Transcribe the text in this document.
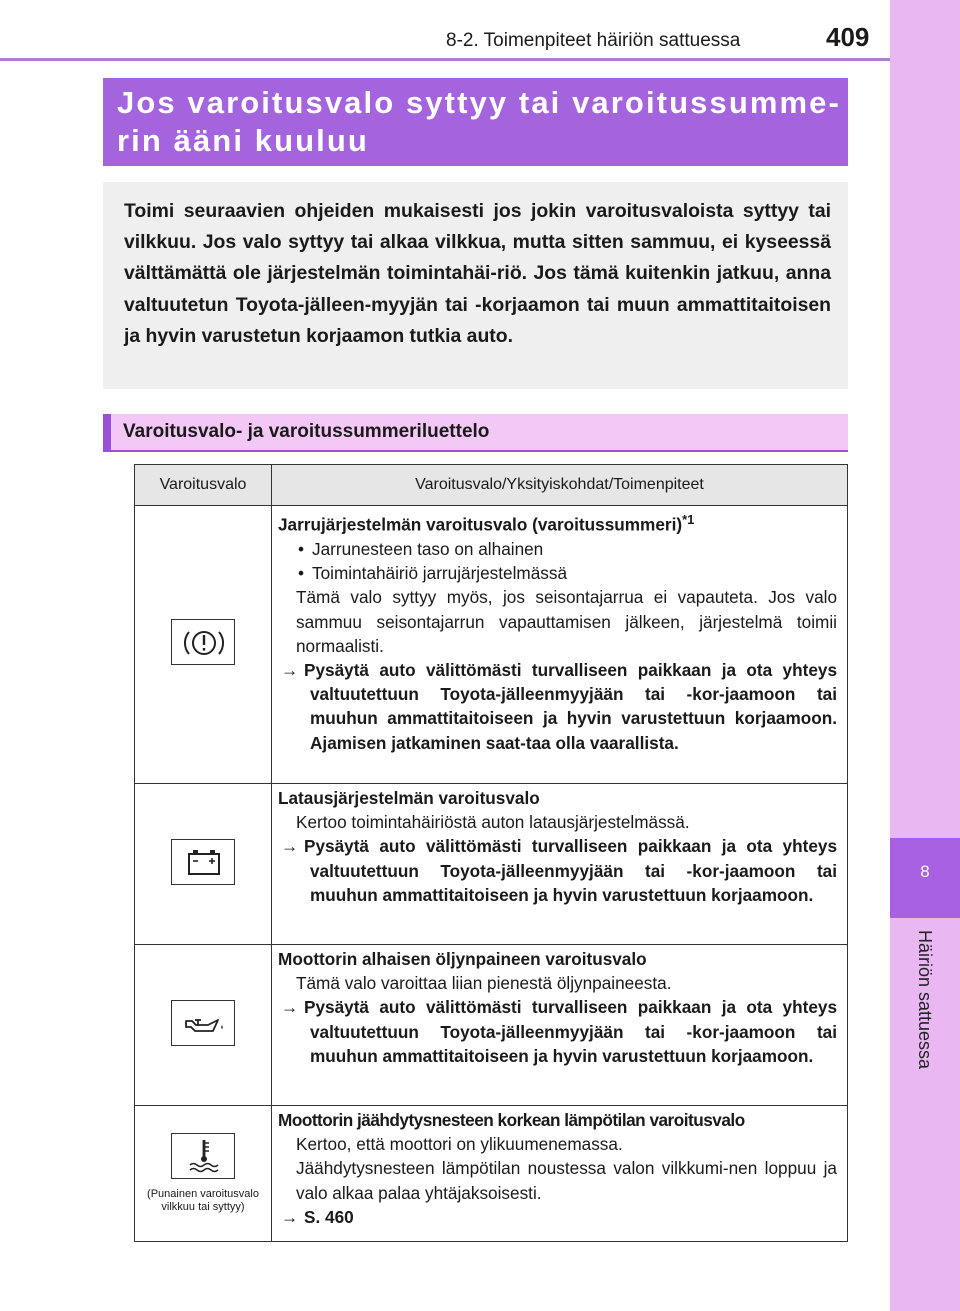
8-2. Toimenpiteet häiriön sattuessa	409
8
Häiriön sattuessa
Jos varoitusvalo syttyy tai varoitussumme-rin ääni kuuluu
Toimi seuraavien ohjeiden mukaisesti jos jokin varoitusvaloista syttyy tai vilkkuu. Jos valo syttyy tai alkaa vilkkua, mutta sitten sammuu, ei kyseessä välttämättä ole järjestelmän toimintahäi-riö. Jos tämä kuitenkin jatkuu, anna valtuutetun Toyota-jälleen-myyjän tai -korjaamon tai muun ammattitaitoisen ja hyvin varustetun korjaamon tutkia auto.
Varoitusvalo- ja varoitussummeriluettelo
Varoitusvalo	Varoitusvalo/Yksityiskohdat/Toimenpiteet

Jarrujärjestelmän varoitusvalo (varoitussummeri)$^{*1}$
• Jarrunesteen taso on alhainen
• Toimintahäiriö jarrujärjestelmässä
Tämä valo syttyy myös, jos seisontajarrua ei vapauteta. Jos valo sammuu seisontajarrun vapauttamisen jälkeen, järjestelmä toimii normaalisti.
→ Pysäytä auto välittömästi turvalliseen paikkaan ja ota yhteys valtuutettuun Toyota-jälleenmyyjään tai -kor-jaamoon tai muuhun ammattitaitoiseen ja hyvin varustettuun korjaamoon. Ajamisen jatkaminen saat-taa olla vaarallista.

Latausjärjestelmän varoitusvalo
Kertoo toimintahäiriöstä auton latausjärjestelmässä.
→ Pysäytä auto välittömästi turvalliseen paikkaan ja ota yhteys valtuutettuun Toyota-jälleenmyyjään tai -kor-jaamoon tai muuhun ammattitaitoiseen ja hyvin varustettuun korjaamoon.

Moottorin alhaisen öljynpaineen varoitusvalo
Tämä valo varoittaa liian pienestä öljynpaineesta.
→ Pysäytä auto välittömästi turvalliseen paikkaan ja ota yhteys valtuutettuun Toyota-jälleenmyyjään tai -kor-jaamoon tai muuhun ammattitaitoiseen ja hyvin varustettuun korjaamoon.

(Punainen varoitusvalo vilkkuu tai syttyy)	Moottorin jäähdytysnesteen korkean lämpötilan varoitusvalo
Kertoo, että moottori on ylikuumenemassa.
Jäähdytysnesteen lämpötilan noustessa valon vilkkumi-nen loppuu ja valo alkaa palaa yhtäjaksoisesti.
→ S. 460
